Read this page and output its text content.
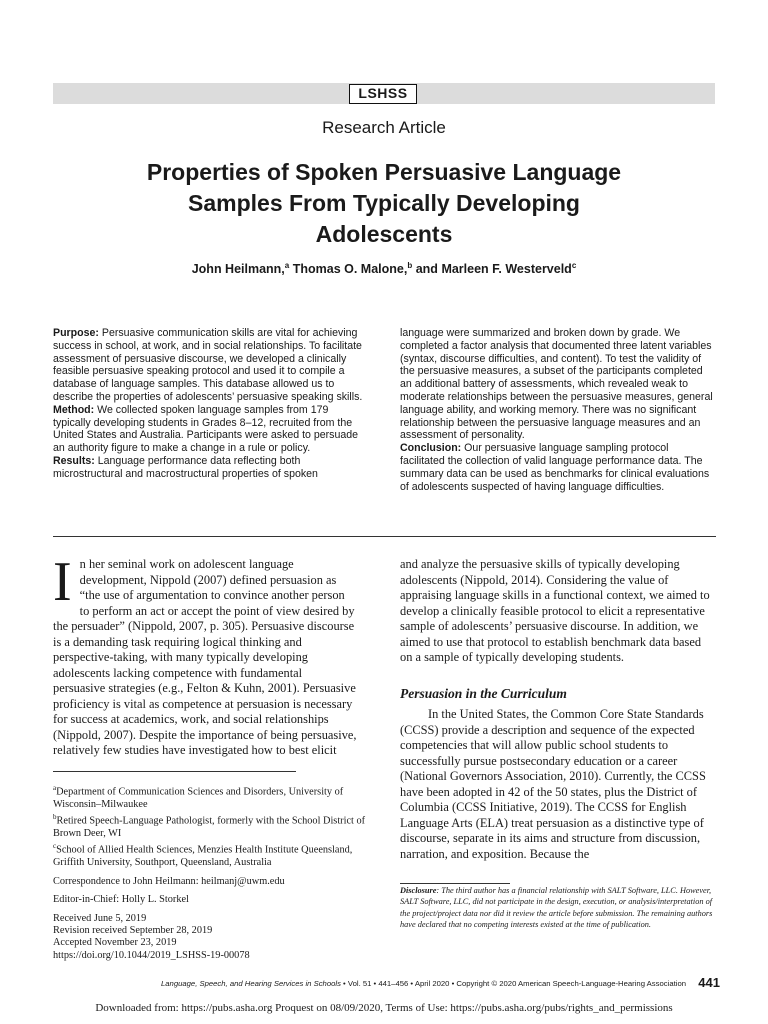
LSHSS
Research Article
Properties of Spoken Persuasive Language Samples From Typically Developing Adolescents
John Heilmann,$^a$ Thomas O. Malone,$^b$ and Marleen F. Westerveld$^c$
Purpose: Persuasive communication skills are vital for achieving success in school, at work, and in social relationships. To facilitate assessment of persuasive discourse, we developed a clinically feasible persuasive speaking protocol and used it to compile a database of language samples. This database allowed us to describe the properties of adolescents’ persuasive speaking skills.
Method: We collected spoken language samples from 179 typically developing students in Grades 8–12, recruited from the United States and Australia. Participants were asked to persuade an authority figure to make a change in a rule or policy.
Results: Language performance data reflecting both microstructural and macrostructural properties of spoken
language were summarized and broken down by grade. We completed a factor analysis that documented three latent variables (syntax, discourse difficulties, and content). To test the validity of the persuasive measures, a subset of the participants completed an additional battery of assessments, which revealed weak to moderate relationships between the persuasive measures, general language ability, and working memory. There was no significant relationship between the persuasive language measures and an assessment of personality.
Conclusion: Our persuasive language sampling protocol facilitated the collection of valid language performance data. The summary data can be used as benchmarks for clinical evaluations of adolescents suspected of having language difficulties.

In her seminal work on adolescent language development, Nippold (2007) defined persuasion as “the use of argumentation to convince another person to perform an act or accept the point of view desired by the persuader” (Nippold, 2007, p. 305). Persuasive discourse is a demanding task requiring logical thinking and perspective-taking, with many typically developing adolescents lacking competence with fundamental persuasive strategies (e.g., Felton & Kuhn, 2001). Persuasive proficiency is vital as competence at persuasion is necessary for success at academics, work, and social relationships (Nippold, 2007). Despite the importance of being persuasive, relatively few studies have investigated how to best elicit

and analyze the persuasive skills of typically developing adolescents (Nippold, 2014). Considering the value of appraising language skills in a functional context, we aimed to develop a clinically feasible protocol to elicit a representative sample of adolescents’ persuasive discourse. In addition, we aimed to use that protocol to establish benchmark data based on a sample of typically developing students.

Persuasion in the Curriculum

In the United States, the Common Core State Standards (CCSS) provide a description and sequence of the expected competencies that will allow public school students to successfully pursue postsecondary education or a career (National Governors Association, 2010). Currently, the CCSS have been adopted in 42 of the 50 states, plus the District of Columbia (CCSS Initiative, 2019). The CCSS for English Language Arts (ELA) treat persuasion as a distinctive type of discourse, separate in its aims and structure from discussion, narration, and exposition. Because the

$^a$Department of Communication Sciences and Disorders, University of Wisconsin–Milwaukee
$^b$Retired Speech-Language Pathologist, formerly with the School District of Brown Deer, WI
$^c$School of Allied Health Sciences, Menzies Health Institute Queensland, Griffith University, Southport, Queensland, Australia
Correspondence to John Heilmann: heilmanj@uwm.edu
Editor-in-Chief: Holly L. Storkel
Received June 5, 2019
Revision received September 28, 2019
Accepted November 23, 2019
https://doi.org/10.1044/2019_LSHSS-19-00078
Disclosure: The third author has a financial relationship with SALT Software, LLC. However, SALT Software, LLC, did not participate in the design, execution, or analysis/interpretation of the project/project data nor did it review the article before submission. The remaining authors have declared that no competing interests existed at the time of publication.
Language, Speech, and Hearing Services in Schools • Vol. 51 • 441–456 • April 2020 • Copyright © 2020 American Speech-Language-Hearing Association 441
Downloaded from: https://pubs.asha.org Proquest on 08/09/2020, Terms of Use: https://pubs.asha.org/pubs/rights_and_permissions
